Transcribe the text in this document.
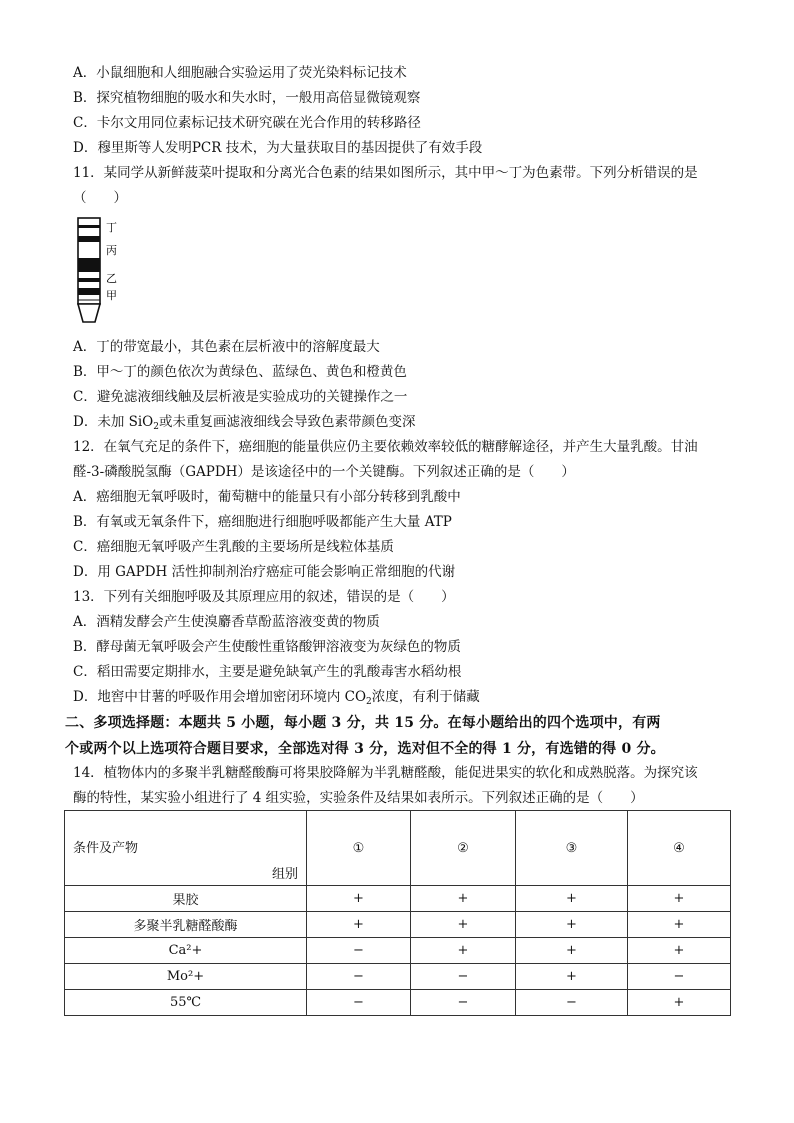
A．小鼠细胞和人细胞融合实验运用了荧光染料标记技术
B．探究植物细胞的吸水和失水时，一般用高倍显微镜观察
C．卡尔文用同位素标记技术研究碳在光合作用的转移路径
D．穆里斯等人发明PCR 技术，为大量获取目的基因提供了有效手段
11．某同学从新鲜菠菜叶提取和分离光合色素的结果如图所示，其中甲～丁为色素带。下列分析错误的是
（　　）
丁
丙
乙
甲
A．丁的带宽最小，其色素在层析液中的溶解度最大
B．甲～丁的颜色依次为黄绿色、蓝绿色、黄色和橙黄色
C．避免滤液细线触及层析液是实验成功的关键操作之一
D．未加 SiO$_2$或未重复画滤液细线会导致色素带颜色变深
12．在氧气充足的条件下，癌细胞的能量供应仍主要依赖效率较低的糖酵解途径，并产生大量乳酸。甘油
醛-3-磷酸脱氢酶（GAPDH）是该途径中的一个关键酶。下列叙述正确的是（　　）
A．癌细胞无氧呼吸时，葡萄糖中的能量只有小部分转移到乳酸中
B．有氧或无氧条件下，癌细胞进行细胞呼吸都能产生大量 ATP
C．癌细胞无氧呼吸产生乳酸的主要场所是线粒体基质
D．用 GAPDH 活性抑制剂治疗癌症可能会影响正常细胞的代谢
13．下列有关细胞呼吸及其原理应用的叙述，错误的是（　　）
A．酒精发酵会产生使溴麝香草酚蓝溶液变黄的物质
B．酵母菌无氧呼吸会产生使酸性重铬酸钾溶液变为灰绿色的物质
C．稻田需要定期排水，主要是避免缺氧产生的乳酸毒害水稻幼根
D．地窖中甘薯的呼吸作用会增加密闭环境内 $CO_2$浓度，有利于储藏
二、多项选择题：本题共 5 小题，每小题 3 分，共 15 分。在每小题给出的四个选项中，有两
个或两个以上选项符合题目要求，全部选对得 3 分，选对但不全的得 1 分，有选错的得 0 分。
14．植物体内的多聚半乳糖醛酸酶可将果胶降解为半乳糖醛酸，能促进果实的软化和成熟脱落。为探究该
酶的特性，某实验小组进行了 4 组实验，实验条件及结果如表所示。下列叙述正确的是（　　）
条件及产物
组别	①	②	③	④
果胶	+	+	+	+
多聚半乳糖醛酸酶	+	+	+	+
Ca²+	−	+	+	+
Mo²+	−	−	+	−
55℃	−	−	−	+
